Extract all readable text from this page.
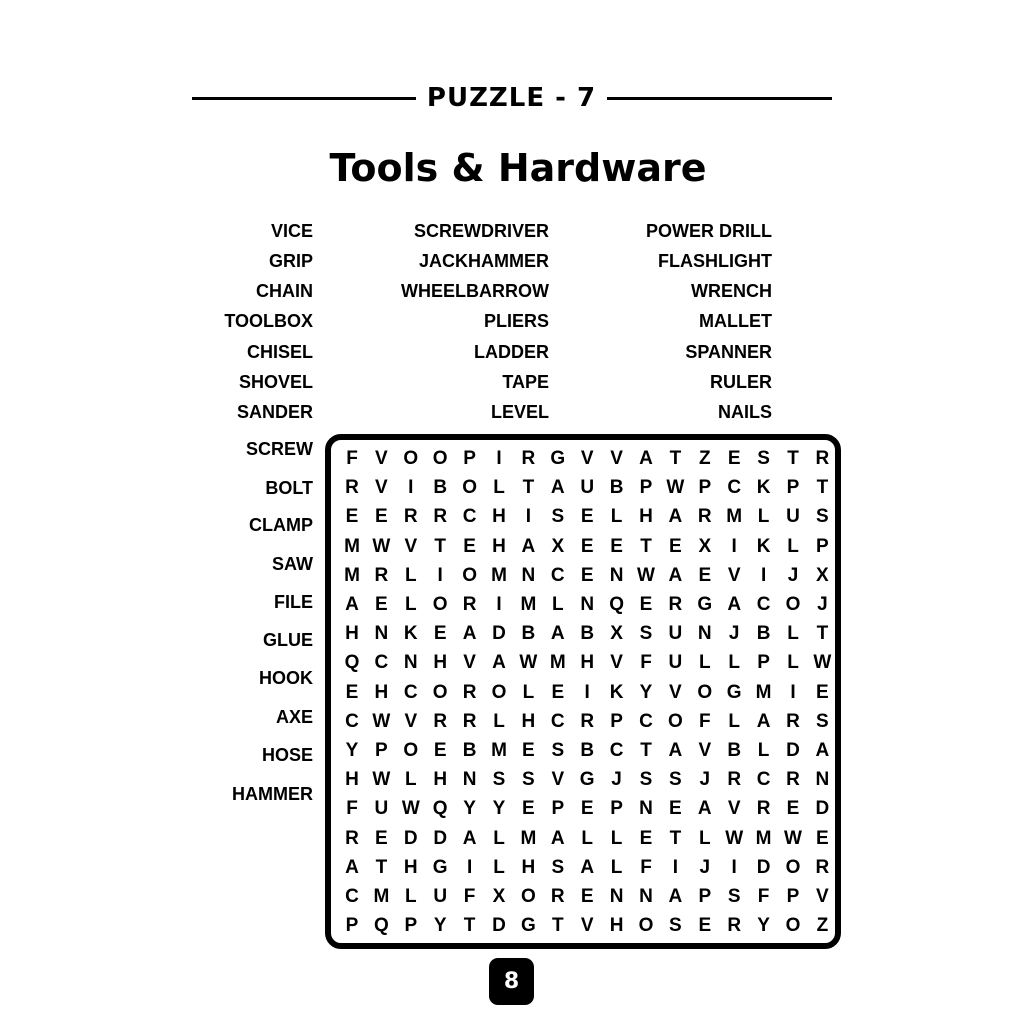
PUZZLE - 7
Tools & Hardware
VICE
GRIP
CHAIN
TOOLBOX
CHISEL
SHOVEL
SANDER
SCREW
BOLT
CLAMP
SAW
FILE
GLUE
HOOK
AXE
HOSE
HAMMER
SCREWDRIVER
JACKHAMMER
WHEELBARROW
PLIERS
LADDER
TAPE
LEVEL
POWER DRILL
FLASHLIGHT
WRENCH
MALLET
SPANNER
RULER
NAILS
F V O O P	I	R G V V A T Z E S T R
R V	I	B O L T A U B P W P C K P T
E E R R C H	I	S E L H A R M L U S
M W V T E H A X E E T E X	I	K L P
M R L	I	O M N C E N W A E V	I	J X
A E L O R	I M L N Q E R G A C O J
H N K E A D B A B X S U N J B L T
Q C N H V A W M H V F U L L P L W
E H C O R O L E	I	K Y V O G M I	E
C W V R R L H C R P C O F L A R S
Y P O E B M E S B C T A V B L D A
H W L H N S S V G J S S J R C R N
F U W Q Y Y E P E P N E A V R E D
R E D D A L M A L L E T L W M W E
A T H G	I	L H S A L F	I	J	I	D O R
C M L U F X O R E N N A P S F P V
P Q P Y T D G T V H O S E R Y O Z
8
